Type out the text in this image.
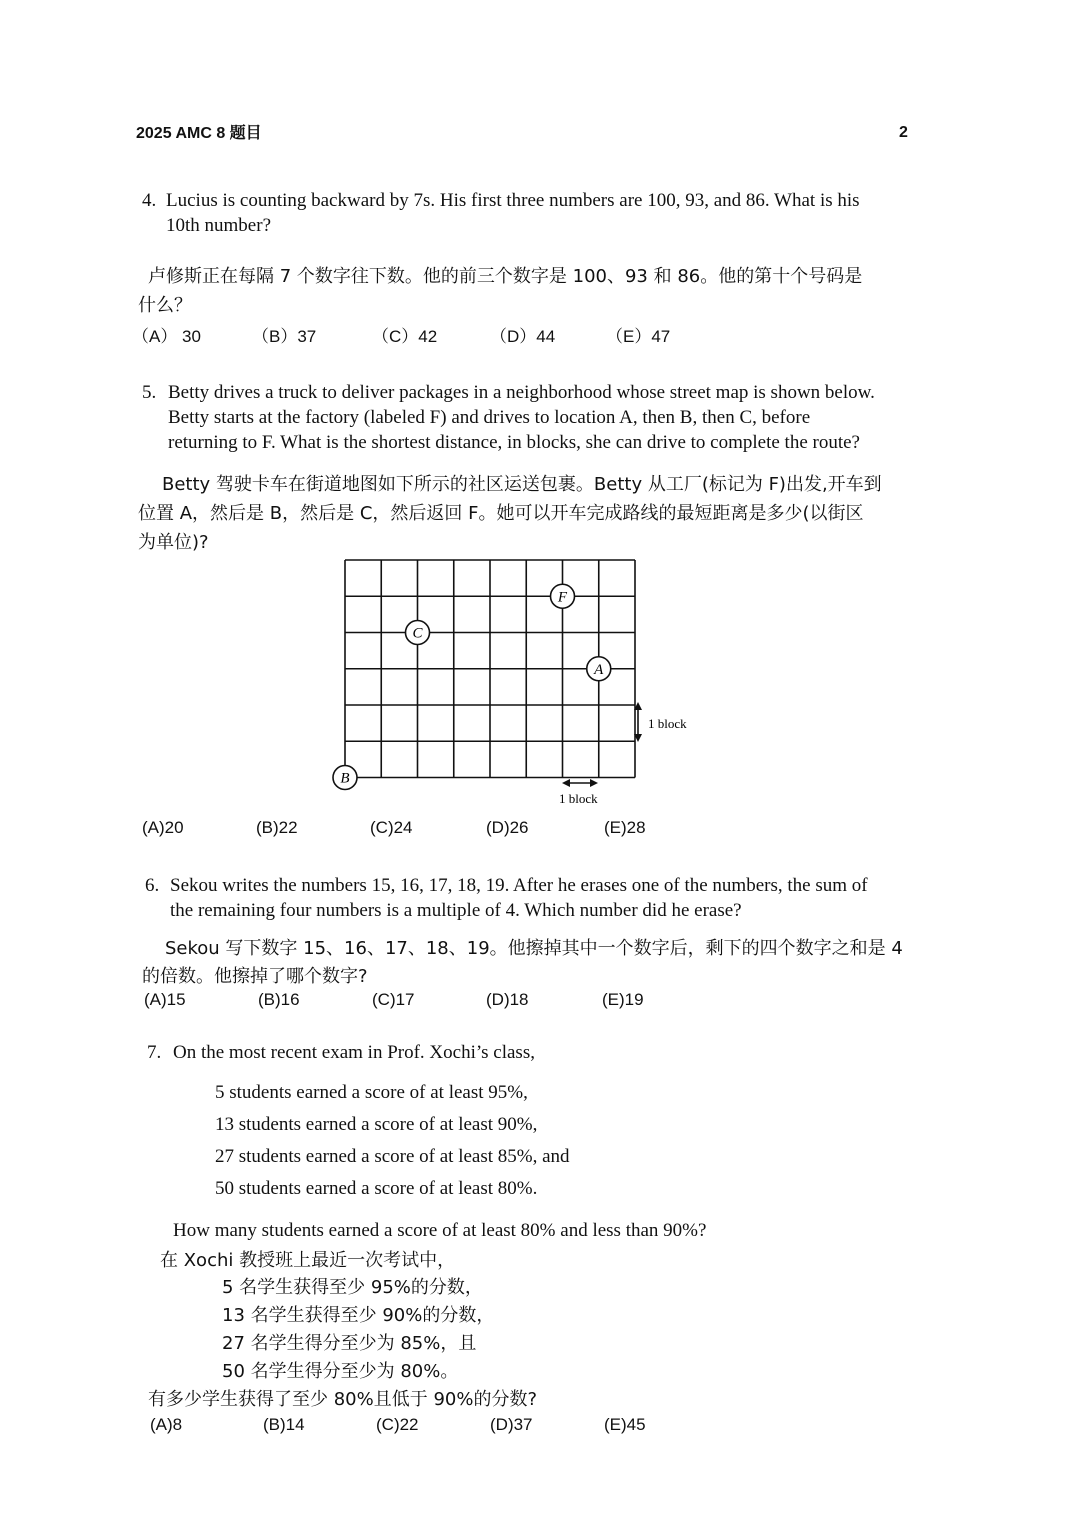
2025 AMC 8 题目	2
4. Lucius is counting backward by 7s. His first three numbers are 100, 93, and 86. What is his
10th number?
卢修斯正在每隔 7 个数字往下数。他的前三个数字是 100、93 和 86。他的第十个号码是
什么？
（A） 30	（B）37	（C）42	（D）44	（E）47
5. Betty drives a truck to deliver packages in a neighborhood whose street map is shown below.
Betty starts at the factory (labeled F) and drives to location A, then B, then C, before
returning to F. What is the shortest distance, in blocks, she can drive to complete the route?
Betty 驾驶卡车在街道地图如下所示的社区运送包裹。Betty 从工厂(标记为 F)出发,开车到
位置 A，然后是 B，然后是 C，然后返回 F。她可以开车完成路线的最短距离是多少(以街区
为单位)?
1 block
1 block
F
C
A
B
(A)20	(B)22	(C)24	(D)26	(E)28
6. Sekou writes the numbers 15, 16, 17, 18, 19. After he erases one of the numbers, the sum of
the remaining four numbers is a multiple of 4. Which number did he erase?
Sekou 写下数字 15、16、17、18、19。他擦掉其中一个数字后，剩下的四个数字之和是 4
的倍数。他擦掉了哪个数字?
(A)15	(B)16	(C)17	(D)18	(E)19
7. On the most recent exam in Prof. Xochi’s class,
5 students earned a score of at least 95%,
13 students earned a score of at least 90%,
27 students earned a score of at least 85%, and
50 students earned a score of at least 80%.
How many students earned a score of at least 80% and less than 90%?
在 Xochi 教授班上最近一次考试中，
5 名学生获得至少 95%的分数，
13 名学生获得至少 90%的分数，
27 名学生得分至少为 85%，且
50 名学生得分至少为 80%。
有多少学生获得了至少 80%且低于 90%的分数?
(A)8	(B)14	(C)22	(D)37	(E)45
